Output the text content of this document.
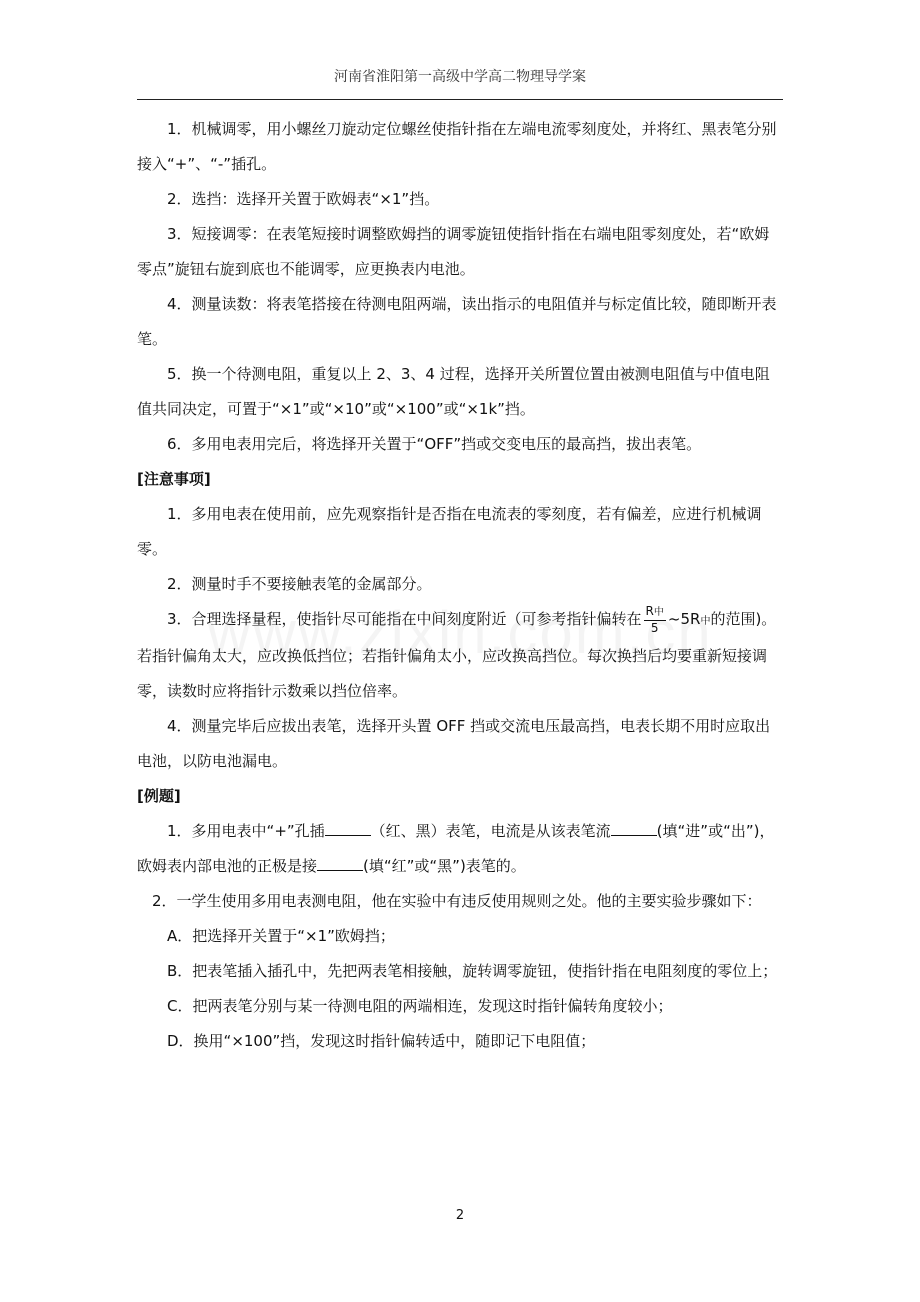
河南省淮阳第一高级中学高二物理导学案

1．机械调零，用小螺丝刀旋动定位螺丝使指针指在左端电流零刻度处，并将红、黑表笔分别接入“+”、“-”插孔。

2．选挡：选择开关置于欧姆表“×1”挡。

3．短接调零：在表笔短接时调整欧姆挡的调零旋钮使指针指在右端电阻零刻度处，若“欧姆零点”旋钮右旋到底也不能调零，应更换表内电池。

4．测量读数：将表笔搭接在待测电阻两端，读出指示的电阻值并与标定值比较，随即断开表笔。

5．换一个待测电阻，重复以上 2、3、4 过程，选择开关所置位置由被测电阻值与中值电阻值共同决定，可置于“×1”或“×10”或“×100”或“×1k”挡。

6．多用电表用完后，将选择开关置于“OFF”挡或交变电压的最高挡，拔出表笔。

[注意事项]

1．多用电表在使用前，应先观察指针是否指在电流表的零刻度，若有偏差，应进行机械调零。

2．测量时手不要接触表笔的金属部分。

3．合理选择量程，使指针尽可能指在中间刻度附近（可参考指针偏转在 $\frac{\text{R中}}{5}$ ~5R中的范围)。若指针偏角太大，应改换低挡位；若指针偏角太小，应改换高挡位。每次换挡后均要重新短接调零，读数时应将指针示数乘以挡位倍率。

4．测量完毕后应拔出表笔，选择开头置 OFF 挡或交流电压最高挡，电表长期不用时应取出电池，以防电池漏电。

[例题]

1．多用电表中“+”孔插	（红、黑）表笔，电流是从该表笔流	(填“进”或“出”)，欧姆表内部电池的正极是接	(填“红”或“黑”)表笔的。

2．一学生使用多用电表测电阻，他在实验中有违反使用规则之处。他的主要实验步骤如下：

A．把选择开关置于“×1”欧姆挡；

B．把表笔插入插孔中，先把两表笔相接触，旋转调零旋钮，使指针指在电阻刻度的零位上；

C．把两表笔分别与某一待测电阻的两端相连，发现这时指针偏转角度较小；

D．换用“×100”挡，发现这时指针偏转适中，随即记下电阻值；

2
